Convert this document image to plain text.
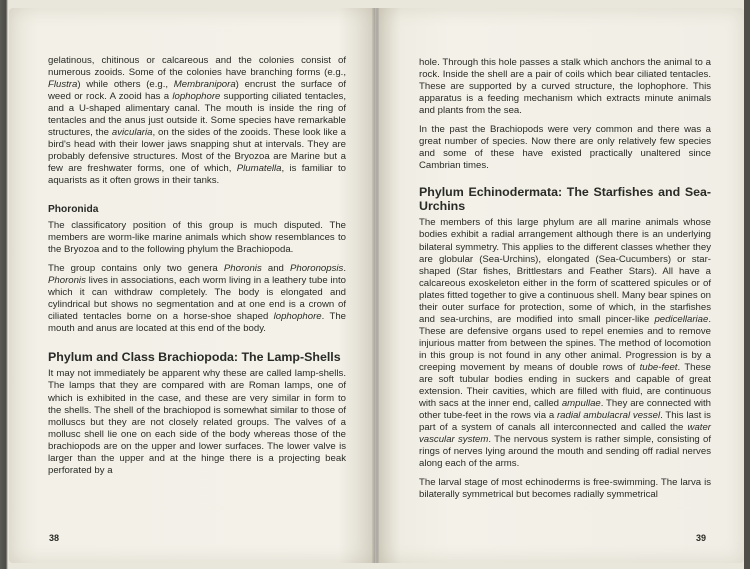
gelatinous, chitinous or calcareous and the colonies consist of numerous zooids. Some of the colonies have branching forms (e.g., Flustra) while others (e.g., Membranipora) encrust the surface of weed or rock. A zooid has a lophophore supporting ciliated tentacles, and a U-shaped alimentary canal. The mouth is inside the ring of tentacles and the anus just outside it. Some species have remarkable structures, the avicularia, on the sides of the zooids. These look like a bird's head with their lower jaws snapping shut at intervals. They are probably defensive structures. Most of the Bryozoa are Marine but a few are freshwater forms, one of which, Plumatella, is familiar to aquarists as it often grows in their tanks.

Phoronida

The classificatory position of this group is much disputed. The members are worm-like marine animals which show resemblances to the Bryozoa and to the following phylum the Brachiopoda.

The group contains only two genera Phoronis and Phoronopsis. Phoronis lives in associations, each worm living in a leathery tube into which it can withdraw completely. The body is elongated and cylindrical but shows no segmentation and at one end is a crown of ciliated tentacles borne on a horse-shoe shaped lophophore. The mouth and anus are located at this end of the body.

Phylum and Class Brachiopoda: The Lamp-Shells

It may not immediately be apparent why these are called lamp-shells. The lamps that they are compared with are Roman lamps, one of which is exhibited in the case, and these are very similar in form to the shells. The shell of the brachiopod is somewhat similar to those of molluscs but they are not closely related groups. The valves of a mollusc shell lie one on each side of the body whereas those of the brachiopods are on the upper and lower surfaces. The lower valve is larger than the upper and at the hinge there is a projecting beak perforated by a

38

hole. Through this hole passes a stalk which anchors the animal to a rock. Inside the shell are a pair of coils which bear ciliated tentacles. These are supported by a curved structure, the lophophore. This apparatus is a feeding mechanism which extracts minute animals and plants from the sea.

In the past the Brachiopods were very common and there was a great number of species. Now there are only relatively few species and some of these have existed practically unaltered since Cambrian times.

Phylum Echinodermata: The Starfishes and Sea-Urchins

The members of this large phylum are all marine animals whose bodies exhibit a radial arrangement although there is an underlying bilateral symmetry. This applies to the different classes whether they are globular (Sea-Urchins), elongated (Sea-Cucumbers) or star-shaped (Star fishes, Brittlestars and Feather Stars). All have a calcareous exoskeleton either in the form of scattered spicules or of plates fitted together to give a continuous shell. Many bear spines on their outer surface for protection, some of which, in the starfishes and sea-urchins, are modified into small pincer-like pedicellariae. These are defensive organs used to repel enemies and to remove injurious matter from between the spines. The method of locomotion in this group is not found in any other animal. Progression is by a creeping movement by means of double rows of tube-feet. These are soft tubular bodies ending in suckers and capable of great extension. Their cavities, which are filled with fluid, are continuous with sacs at the inner end, called ampullae. They are connected with other tube-feet in the rows via a radial ambulacral vessel. This last is part of a system of canals all interconnected and called the water vascular system. The nervous system is rather simple, consisting of rings of nerves lying around the mouth and sending off radial nerves along each of the arms.

The larval stage of most echinoderms is free-swimming. The larva is bilaterally symmetrical but becomes radially symmetrical

39
